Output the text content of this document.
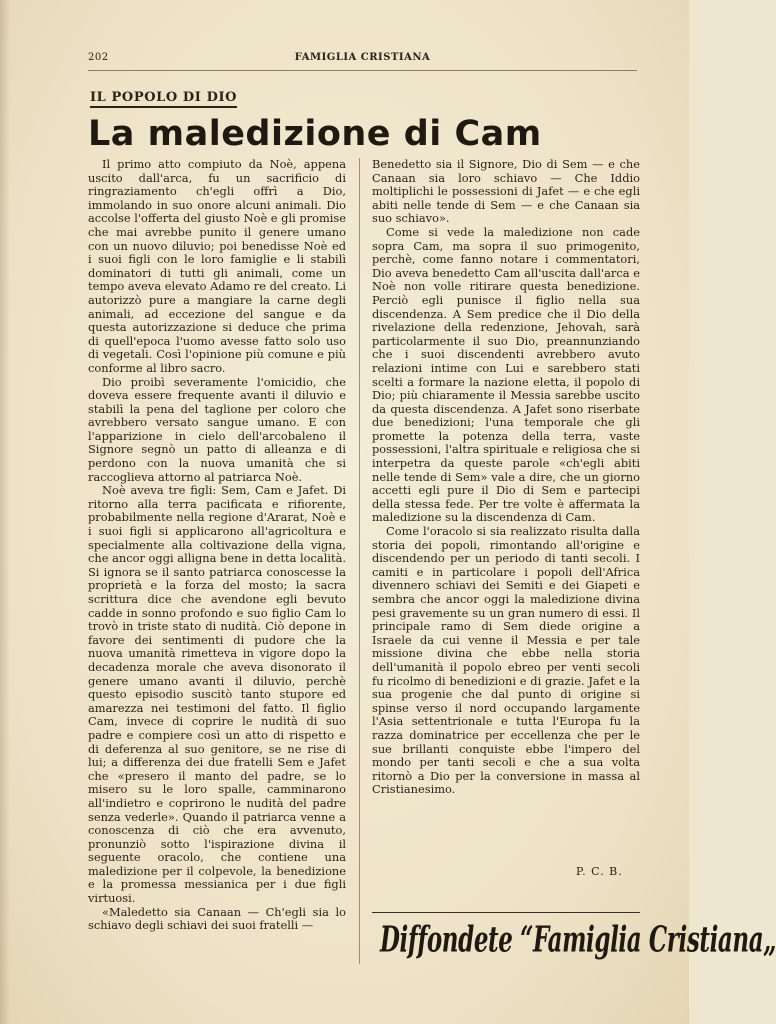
202	FAMIGLIA CRISTIANA
IL POPOLO DI DIO
La maledizione di Cam

Il primo atto compiuto da Noè, appena uscito dall'arca, fu un sacrificio di ringraziamento ch'egli offrì a Dio, immolando in suo onore alcuni animali. Dio accolse l'offerta del giusto Noè e gli promise che mai avrebbe punito il genere umano con un nuovo diluvio; poi benedisse Noè ed i suoi figli con le loro famiglie e li stabilì dominatori di tutti gli animali, come un tempo aveva elevato Adamo re del creato. Li autorizzò pure a mangiare la carne degli animali, ad eccezione del sangue e da questa autorizzazione si deduce che prima di quell'epoca l'uomo avesse fatto solo uso di vegetali. Così l'opinione più comune e più conforme al libro sacro.

Dio proibì severamente l'omicidio, che doveva essere frequente avanti il diluvio e stabilì la pena del taglione per coloro che avrebbero versato sangue umano. E con l'apparizione in cielo dell'arcobaleno il Signore segnò un patto di alleanza e di perdono con la nuova umanità che si raccoglieva attorno al patriarca Noè.

Noè aveva tre figli: Sem, Cam e Jafet. Di ritorno alla terra pacificata e rifiorente, probabilmente nella regione d'Ararat, Noè e i suoi figli si applicarono all'agricoltura e specialmente alla coltivazione della vigna, che ancor oggi alligna bene in detta località. Si ignora se il santo patriarca conoscesse la proprietà e la forza del mosto; la sacra scrittura dice che avendone egli bevuto cadde in sonno profondo e suo figlio Cam lo trovò in triste stato di nudità. Ciò depone in favore dei sentimenti di pudore che la nuova umanità rimetteva in vigore dopo la decadenza morale che aveva disonorato il genere umano avanti il diluvio, perchè questo episodio suscitò tanto stupore ed amarezza nei testimoni del fatto. Il figlio Cam, invece di coprire le nudità di suo padre e compiere così un atto di rispetto e di deferenza al suo genitore, se ne rise di lui; a differenza dei due fratelli Sem e Jafet che «presero il manto del padre, se lo misero su le loro spalle, camminarono all'indietro e coprirono le nudità del padre senza vederle». Quando il patriarca venne a conoscenza di ciò che era avvenuto, pronunziò sotto l'ispirazione divina il seguente oracolo, che contiene una maledizione per il colpevole, la benedizione e la promessa messianica per i due figli virtuosi.

«Maledetto sia Canaan — Ch'egli sia lo schiavo degli schiavi dei suoi fratelli —

Benedetto sia il Signore, Dio di Sem — e che Canaan sia loro schiavo — Che Iddio moltiplichi le possessioni di Jafet — e che egli abiti nelle tende di Sem — e che Canaan sia suo schiavo».

Come si vede la maledizione non cade sopra Cam, ma sopra il suo primogenito, perchè, come fanno notare i commentatori, Dio aveva benedetto Cam all'uscita dall'arca e Noè non volle ritirare questa benedizione. Perciò egli punisce il figlio nella sua discendenza. A Sem predice che il Dio della rivelazione della redenzione, Jehovah, sarà particolarmente il suo Dio, preannunziando che i suoi discendenti avrebbero avuto relazioni intime con Lui e sarebbero stati scelti a formare la nazione eletta, il popolo di Dio; più chiaramente il Messia sarebbe uscito da questa discendenza. A Jafet sono riserbate due benedizioni; l'una temporale che gli promette la potenza della terra, vaste possessioni, l'altra spirituale e religiosa che si interpetra da queste parole «ch'egli abiti nelle tende di Sem» vale a dire, che un giorno accetti egli pure il Dio di Sem e partecipi della stessa fede. Per tre volte è affermata la maledizione su la discendenza di Cam.

Come l'oracolo si sia realizzato risulta dalla storia dei popoli, rimontando all'origine e discendendo per un periodo di tanti secoli. I camiti e in particolare i popoli dell'Africa divennero schiavi dei Semiti e dei Giapeti e sembra che ancor oggi la maledizione divina pesi gravemente su un gran numero di essi. Il principale ramo di Sem diede origine a Israele da cui venne il Messia e per tale missione divina che ebbe nella storia dell'umanità il popolo ebreo per venti secoli fu ricolmo di benedizioni e di grazie. Jafet e la sua progenie che dal punto di origine si spinse verso il nord occupando largamente l'Asia settentrionale e tutta l'Europa fu la razza dominatrice per eccellenza che per le sue brillanti conquiste ebbe l'impero del mondo per tanti secoli e che a sua volta ritornò a Dio per la conversione in massa al Cristianesimo.

P. C. B.
Diffondete “Famiglia Cristiana„
